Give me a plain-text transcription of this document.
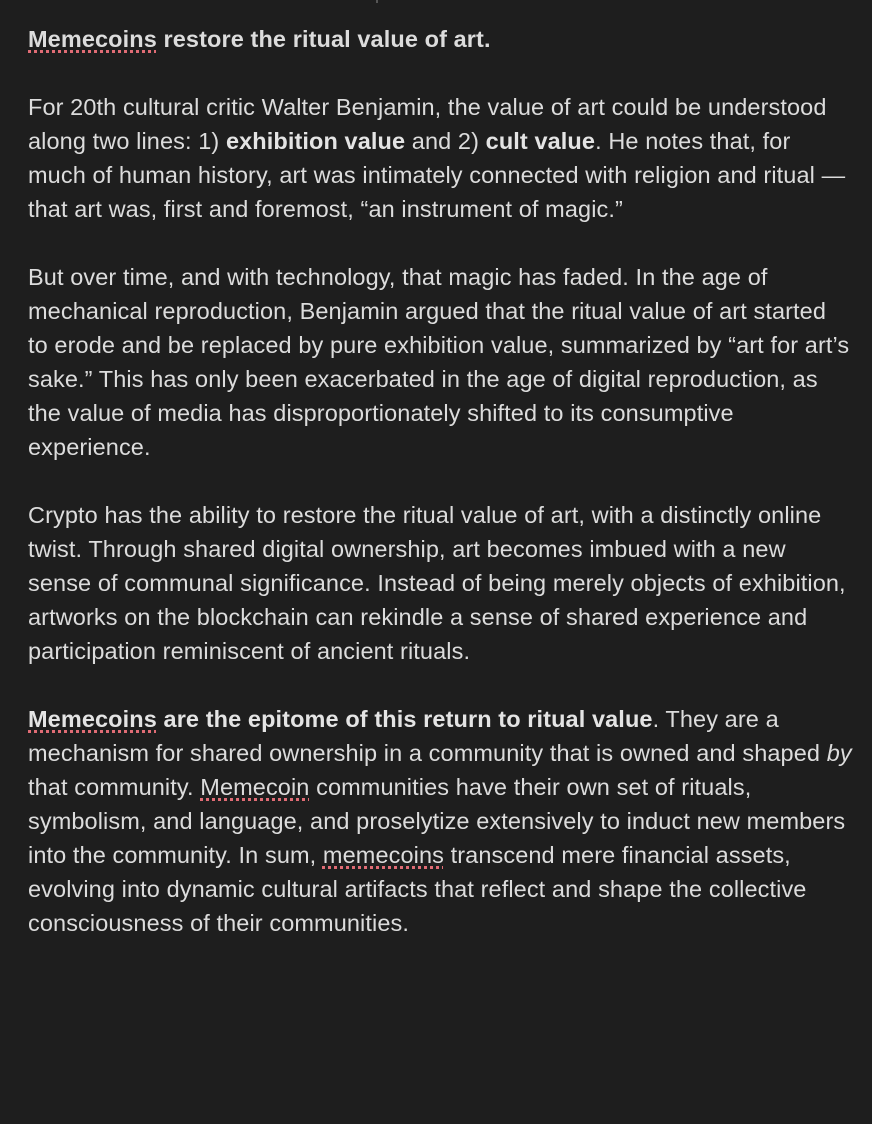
Memecoins restore the ritual value of art.

For 20th cultural critic Walter Benjamin, the value of art could be understood along two lines: 1) exhibition value and 2) cult value. He notes that, for much of human history, art was intimately connected with religion and ritual — that art was, first and foremost, “an instrument of magic.”

But over time, and with technology, that magic has faded. In the age of mechanical reproduction, Benjamin argued that the ritual value of art started to erode and be replaced by pure exhibition value, summarized by “art for art’s sake.” This has only been exacerbated in the age of digital reproduction, as the value of media has disproportionately shifted to its consumptive experience.

Crypto has the ability to restore the ritual value of art, with a distinctly online twist. Through shared digital ownership, art becomes imbued with a new sense of communal significance. Instead of being merely objects of exhibition, artworks on the blockchain can rekindle a sense of shared experience and participation reminiscent of ancient rituals.

Memecoins are the epitome of this return to ritual value. They are a mechanism for shared ownership in a community that is owned and shaped by that community. Memecoin communities have their own set of rituals, symbolism, and language, and proselytize extensively to induct new members into the community. In sum, memecoins transcend mere financial assets, evolving into dynamic cultural artifacts that reflect and shape the collective consciousness of their communities.
